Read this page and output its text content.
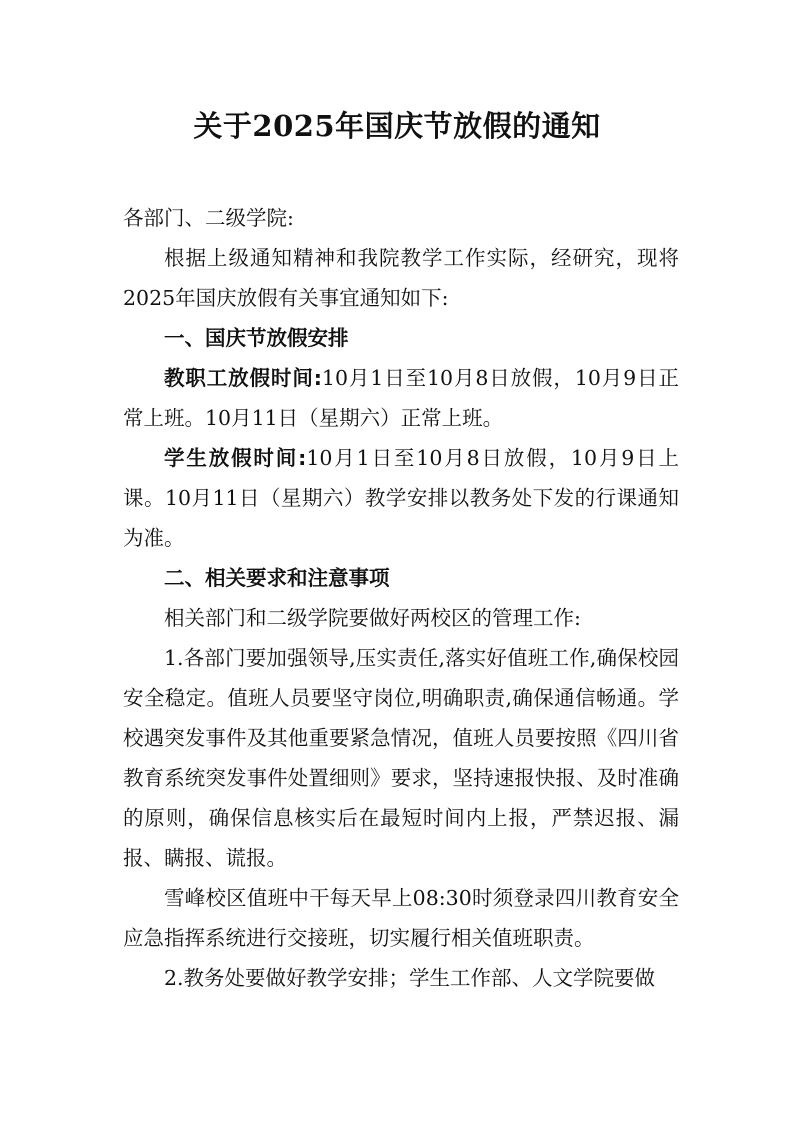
关于2025年国庆节放假的通知

各部门、二级学院:

根据上级通知精神和我院教学工作实际，经研究，现将2025年国庆放假有关事宜通知如下:

一、国庆节放假安排

教职工放假时间:10月1日至10月8日放假，10月9日正常上班。10月11日（星期六）正常上班。

学生放假时间:10月1日至10月8日放假，10月9日上课。10月11日（星期六）教学安排以教务处下发的行课通知为准。

二、相关要求和注意事项

相关部门和二级学院要做好两校区的管理工作:

1.各部门要加强领导,压实责任,落实好值班工作,确保校园安全稳定。值班人员要坚守岗位,明确职责,确保通信畅通。学校遇突发事件及其他重要紧急情况，值班人员要按照《四川省教育系统突发事件处置细则》要求，坚持速报快报、及时准确的原则，确保信息核实后在最短时间内上报，严禁迟报、漏报、瞒报、谎报。

雪峰校区值班中干每天早上08:30时须登录四川教育安全应急指挥系统进行交接班，切实履行相关值班职责。

2.教务处要做好教学安排；学生工作部、人文学院要做
